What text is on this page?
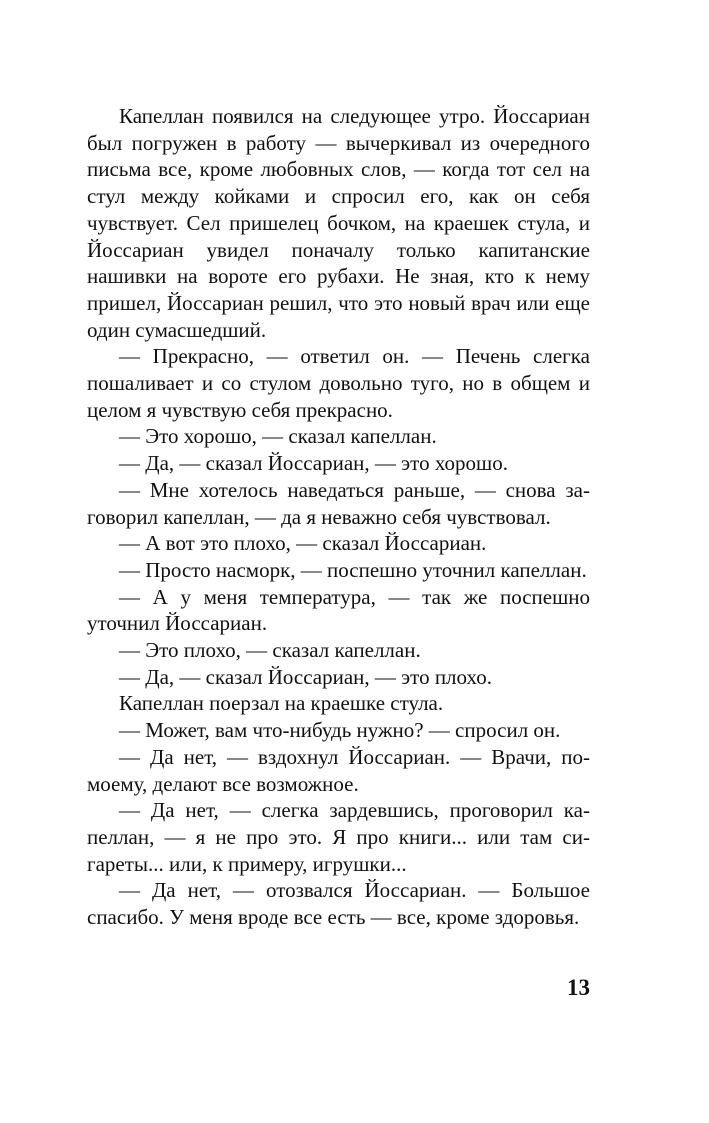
Капеллан появился на следующее утро. Йоссариан был погружен в работу — вычеркивал из очередного письма все, кроме любовных слов, — когда тот сел на стул между койками и спросил его, как он себя чувствует. Сел пришелец бочком, на краешек стула, и Йоссариан увидел поначалу только капитанские нашивки на вороте его рубахи. Не зная, кто к нему пришел, Йоссариан решил, что это новый врач или еще один сумасшедший.

— Прекрасно, — ответил он. — Печень слегка пошаливает и со стулом довольно туго, но в общем и целом я чувствую себя прекрасно.

— Это хорошо, — сказал капеллан.

— Да, — сказал Йоссариан, — это хорошо.

— Мне хотелось наведаться раньше, — снова заговорил капеллан, — да я неважно себя чувствовал.

— А вот это плохо, — сказал Йоссариан.

— Просто насморк, — поспешно уточнил капеллан.

— А у меня температура, — так же поспешно уточнил Йоссариан.

— Это плохо, — сказал капеллан.

— Да, — сказал Йоссариан, — это плохо.

Капеллан поерзал на краешке стула.

— Может, вам что-нибудь нужно? — спросил он.

— Да нет, — вздохнул Йоссариан. — Врачи, помоему, делают все возможное.

— Да нет, — слегка зардевшись, проговорил капеллан, — я не про это. Я про книги... или там сигареты... или, к примеру, игрушки...

— Да нет, — отозвался Йоссариан. — Большое спасибо. У меня вроде все есть — все, кроме здоровья.

13
